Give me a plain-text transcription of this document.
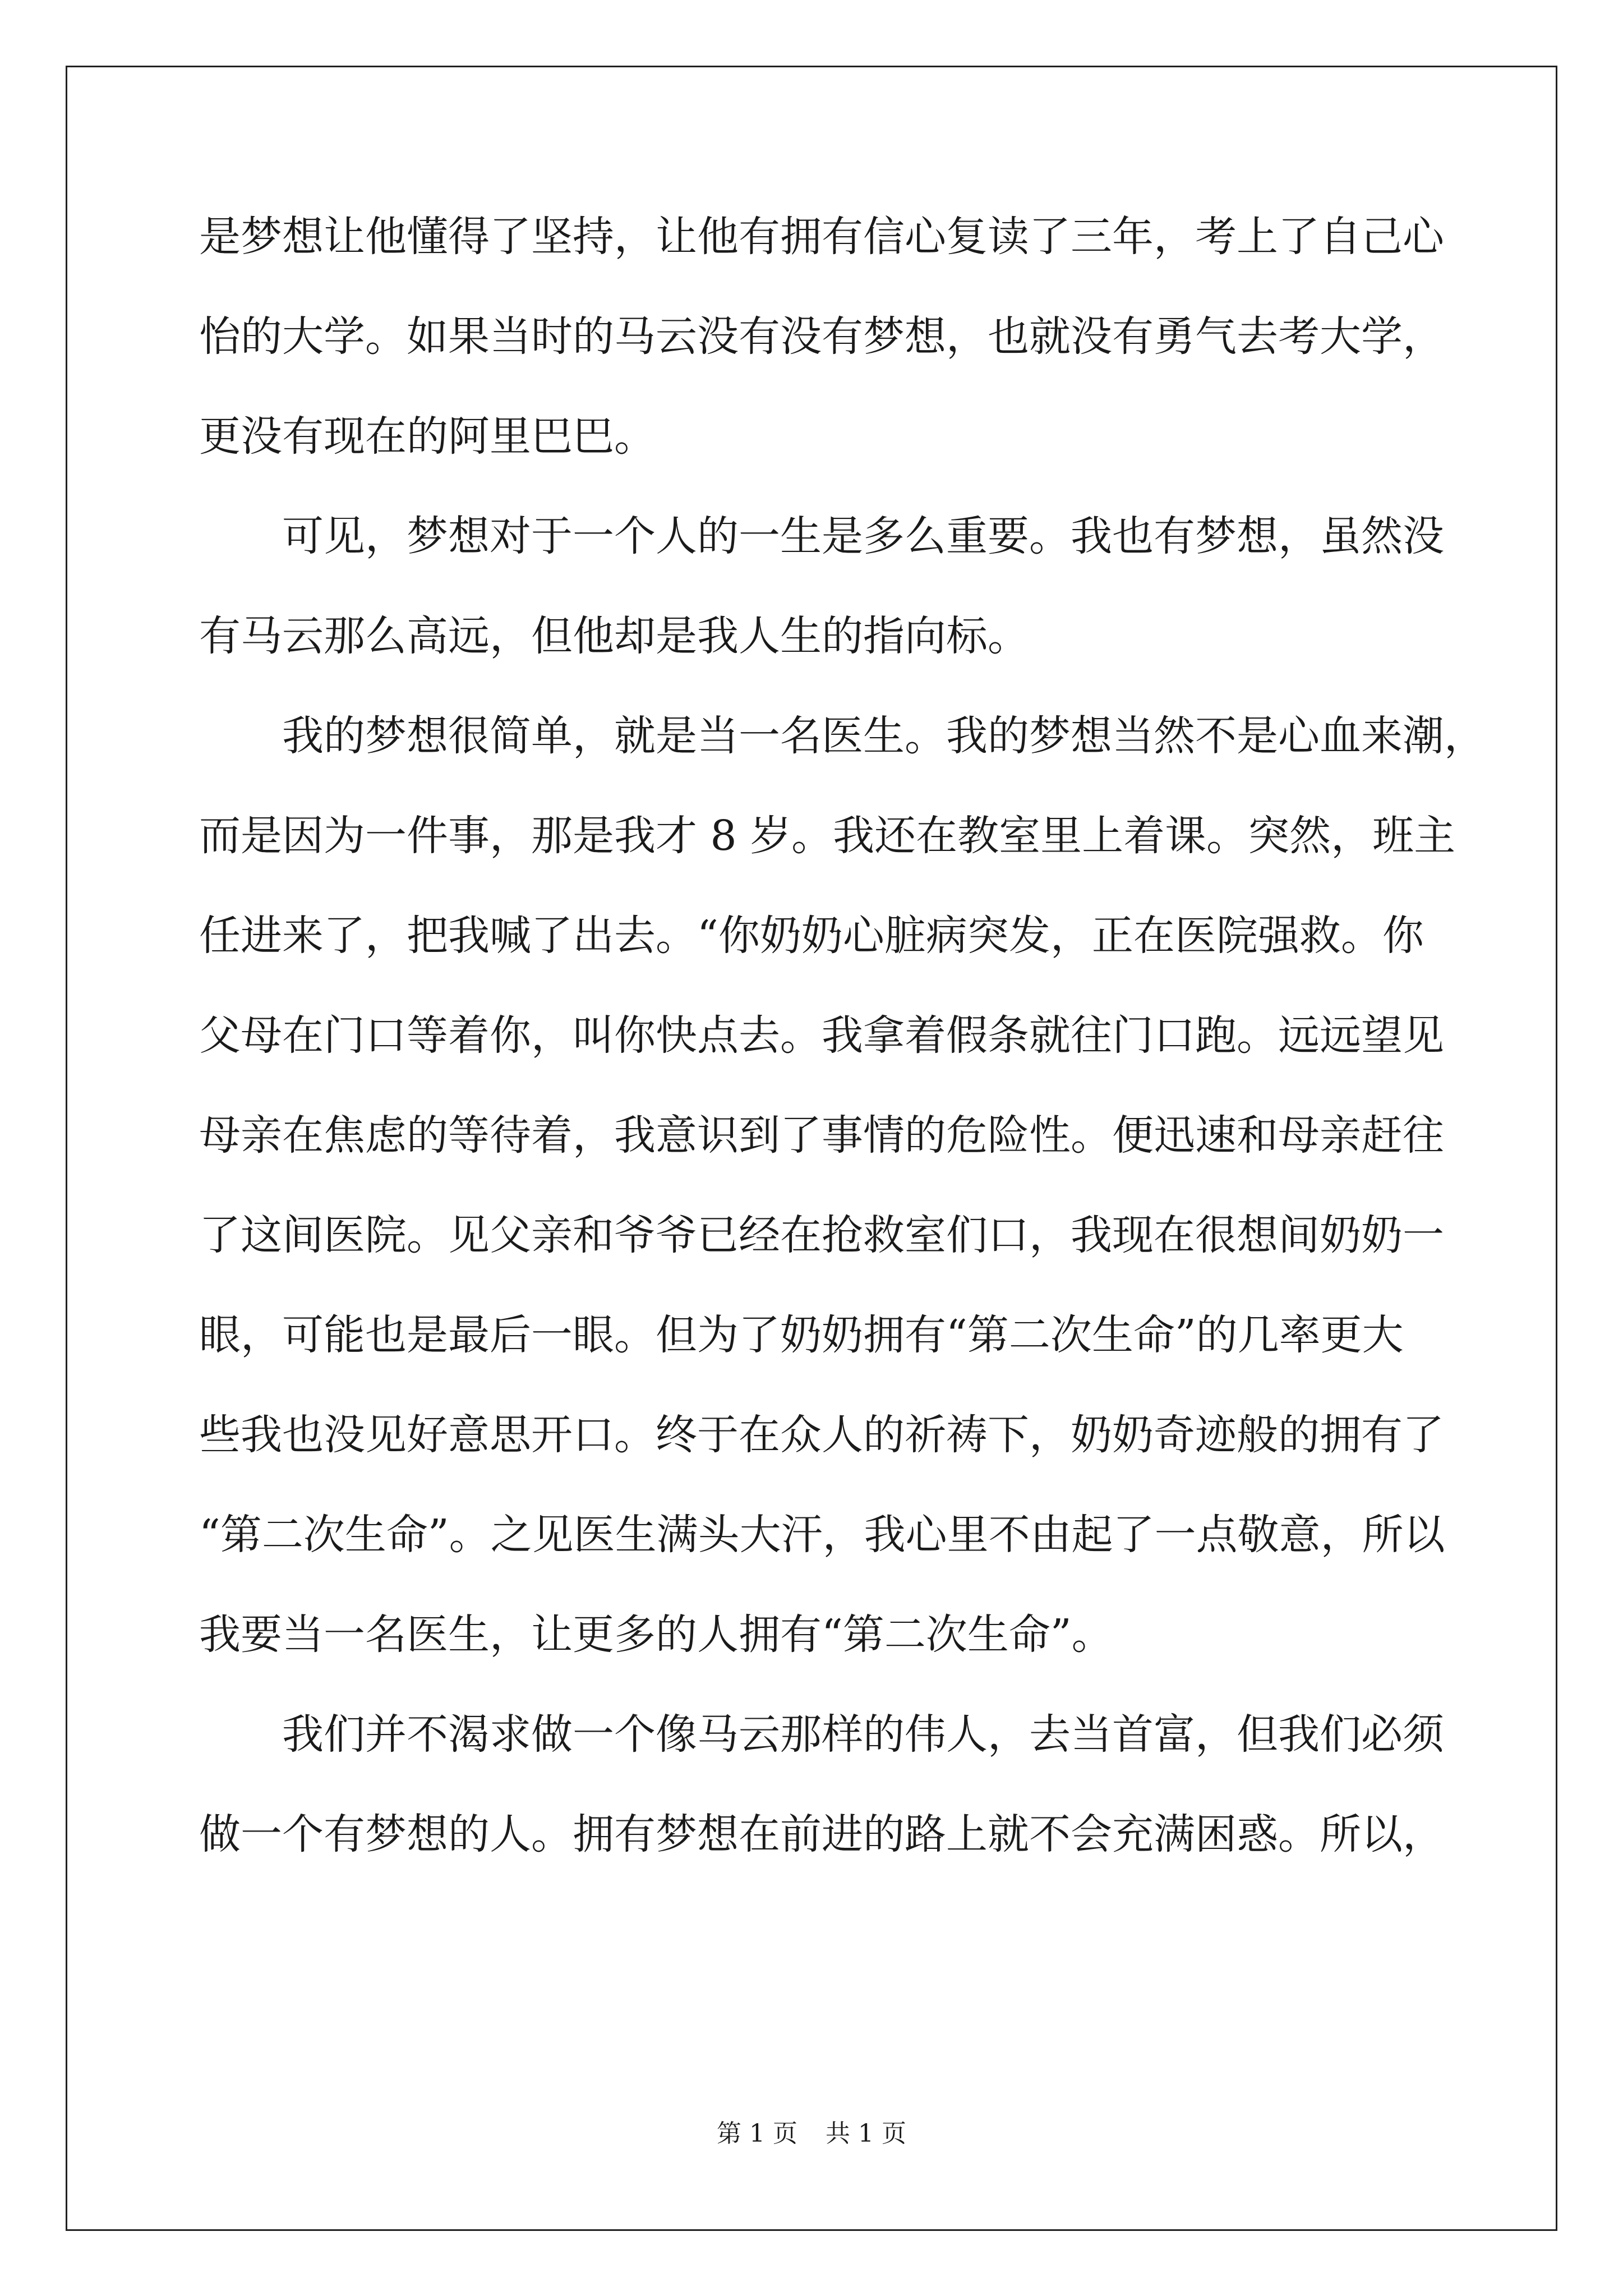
是梦想让他懂得了坚持，让他有拥有信心复读了三年，考上了自己心
怡的大学。如果当时的马云没有没有梦想，也就没有勇气去考大学，
更没有现在的阿里巴巴。
可见，梦想对于一个人的一生是多么重要。我也有梦想，虽然没
有马云那么高远，但他却是我人生的指向标。
我的梦想很简单，就是当一名医生。我的梦想当然不是心血来潮，
而是因为一件事，那是我才 8 岁。我还在教室里上着课。突然，班主
任进来了，把我喊了出去。“你奶奶心脏病突发，正在医院强救。你
父母在门口等着你，叫你快点去。我拿着假条就往门口跑。远远望见
母亲在焦虑的等待着，我意识到了事情的危险性。便迅速和母亲赶往
了这间医院。见父亲和爷爷已经在抢救室们口，我现在很想间奶奶一
眼，可能也是最后一眼。但为了奶奶拥有“第二次生命”的几率更大
些我也没见好意思开口。终于在众人的祈祷下，奶奶奇迹般的拥有了
“第二次生命”。之见医生满头大汗，我心里不由起了一点敬意，所以
我要当一名医生，让更多的人拥有“第二次生命”。
我们并不渴求做一个像马云那样的伟人，去当首富，但我们必须
做一个有梦想的人。拥有梦想在前进的路上就不会充满困惑。所以，
第 1 页 共 1 页
